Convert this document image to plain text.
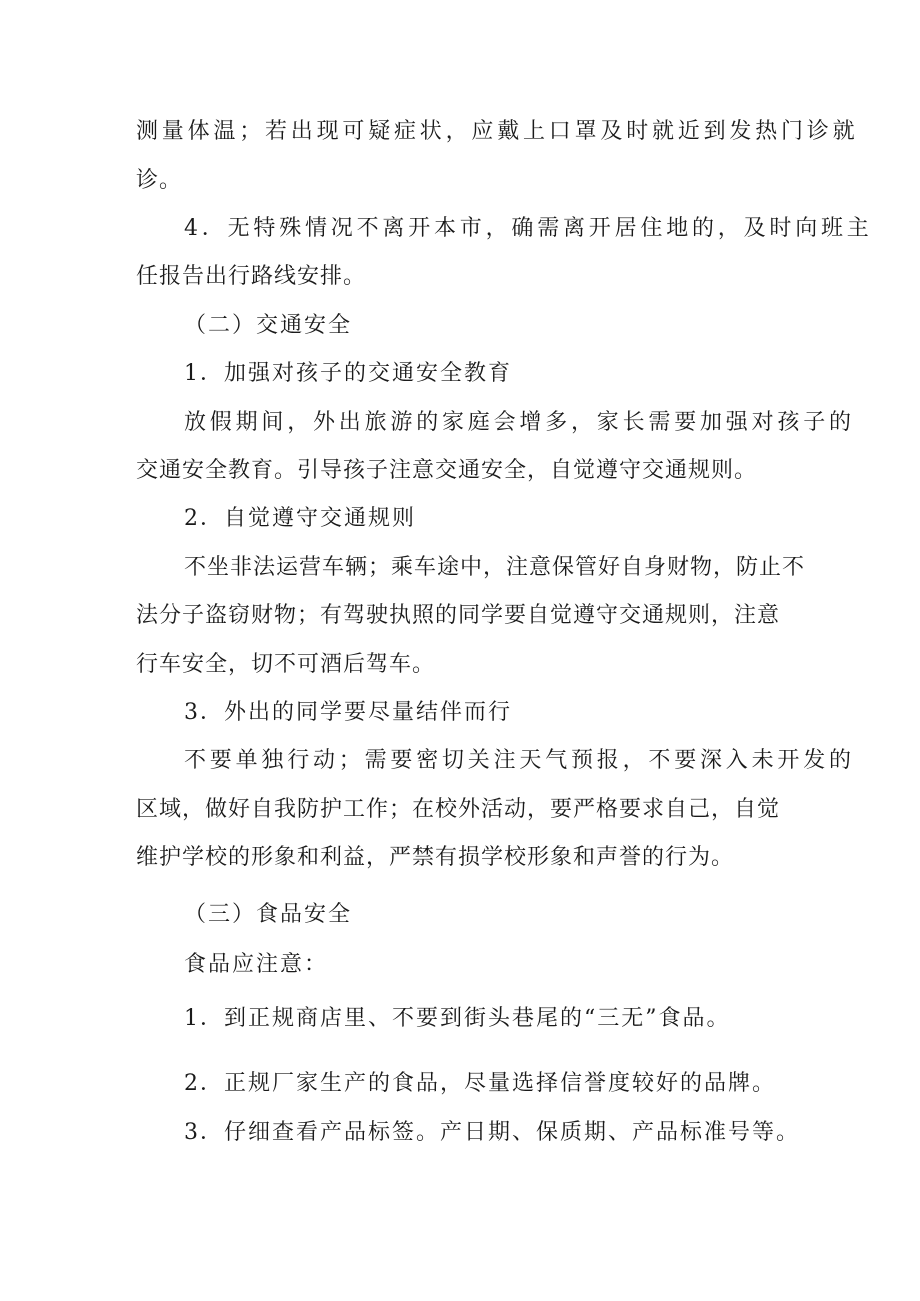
测量体温；若出现可疑症状，应戴上口罩及时就近到发热门诊就
诊。
4．无特殊情况不离开本市，确需离开居住地的，及时向班主
任报告出行路线安排。
（二）交通安全
1．加强对孩子的交通安全教育
放假期间，外出旅游的家庭会增多，家长需要加强对孩子的
交通安全教育。引导孩子注意交通安全，自觉遵守交通规则。
2．自觉遵守交通规则
不坐非法运营车辆；乘车途中，注意保管好自身财物，防止不
法分子盗窃财物；有驾驶执照的同学要自觉遵守交通规则，注意
行车安全，切不可酒后驾车。
3．外出的同学要尽量结伴而行
不要单独行动；需要密切关注天气预报，不要深入未开发的
区域，做好自我防护工作；在校外活动，要严格要求自己，自觉
维护学校的形象和利益，严禁有损学校形象和声誉的行为。
（三）食品安全
食品应注意：
1．到正规商店里、不要到街头巷尾的“三无”食品。
2．正规厂家生产的食品，尽量选择信誉度较好的品牌。
3．仔细查看产品标签。产日期、保质期、产品标准号等。
